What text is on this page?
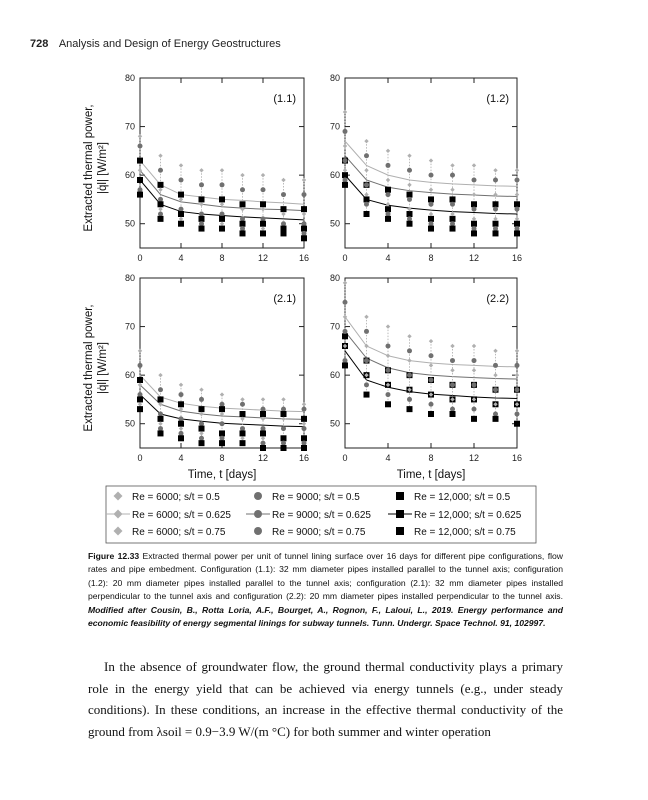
728 Analysis and Design of Energy Geostructures
50
60
70
80
0	4	8	12	16
(1.1)
50
60
70
80
0	4	8	12	16
(1.2)
50
60
70
80
0	4	8	12	16
(2.1)
50
60
70
80
0	4	8	12	16
(2.2)
Extracted thermal power, |q̇l| [W/m²]
Extracted thermal power, |q̇l| [W/m²]
Time, t [days]	Time, t [days]
Re = 6000; s/t = 0.5	Re = 9000; s/t = 0.5	Re = 12,000; s/t = 0.5
Re = 6000; s/t = 0.625	Re = 9000; s/t = 0.625	Re = 12,000; s/t = 0.625
Re = 6000; s/t = 0.75	Re = 9000; s/t = 0.75	Re = 12,000; s/t = 0.75
Figure 12.33 Extracted thermal power per unit of tunnel lining surface over 16 days for different pipe configurations, flow rates and pipe embedment. Configuration (1.1): 32 mm diameter pipes installed parallel to the tunnel axis; configuration (1.2): 20 mm diameter pipes installed parallel to the tunnel axis; configuration (2.1): 32 mm diameter pipes installed perpendicular to the tunnel axis and configuration (2.2): 20 mm diameter pipes installed perpendicular to the tunnel axis. Modified after Cousin, B., Rotta Loria, A.F., Bourget, A., Rognon, F., Laloui, L., 2019. Energy performance and economic feasibility of energy segmental linings for subway tunnels. Tunn. Undergr. Space Technol. 91, 102997.

In the absence of groundwater flow, the ground thermal conductivity plays a primary role in the energy yield that can be achieved via energy tunnels (e.g., under steady conditions). In these conditions, an increase in the effective thermal conductivity of the ground from λsoil = 0.9−3.9 W/(m °C) for both summer and winter operation
